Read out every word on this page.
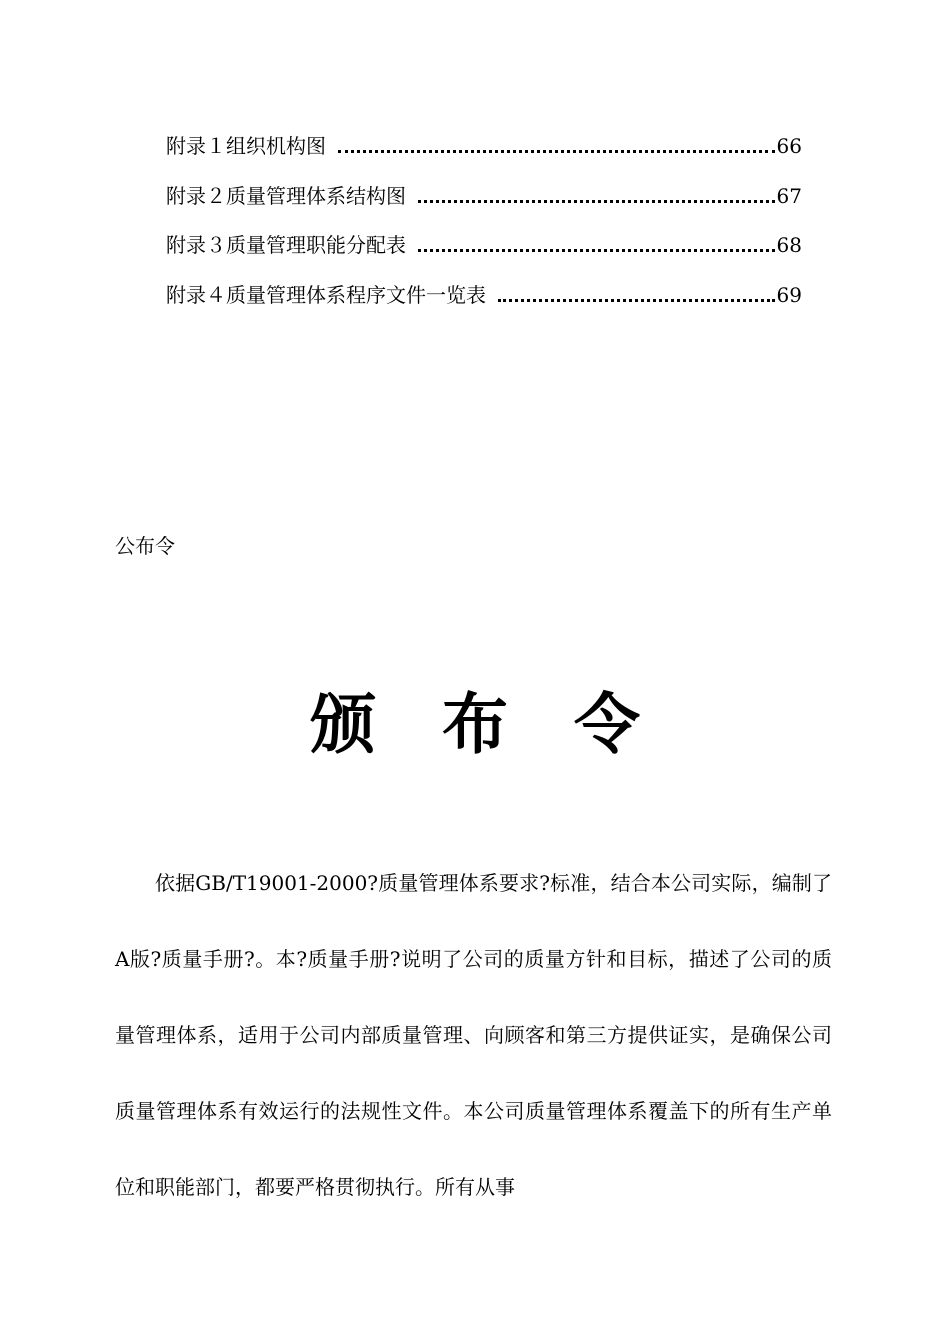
附录１组织机构图	66
附录２质量管理体系结构图	67
附录３质量管理职能分配表	68
附录４质量管理体系程序文件一览表	69
公布令
颁 布 令

依据GB/T19001-2000?质量管理体系要求?标准，结合本公司实际，编制了A版?质量手册?。本?质量手册?说明了公司的质量方针和目标，描述了公司的质量管理体系，适用于公司内部质量管理、向顾客和第三方提供证实，是确保公司质量管理体系有效运行的法规性文件。本公司质量管理体系覆盖下的所有生产单位和职能部门，都要严格贯彻执行。所有从事
